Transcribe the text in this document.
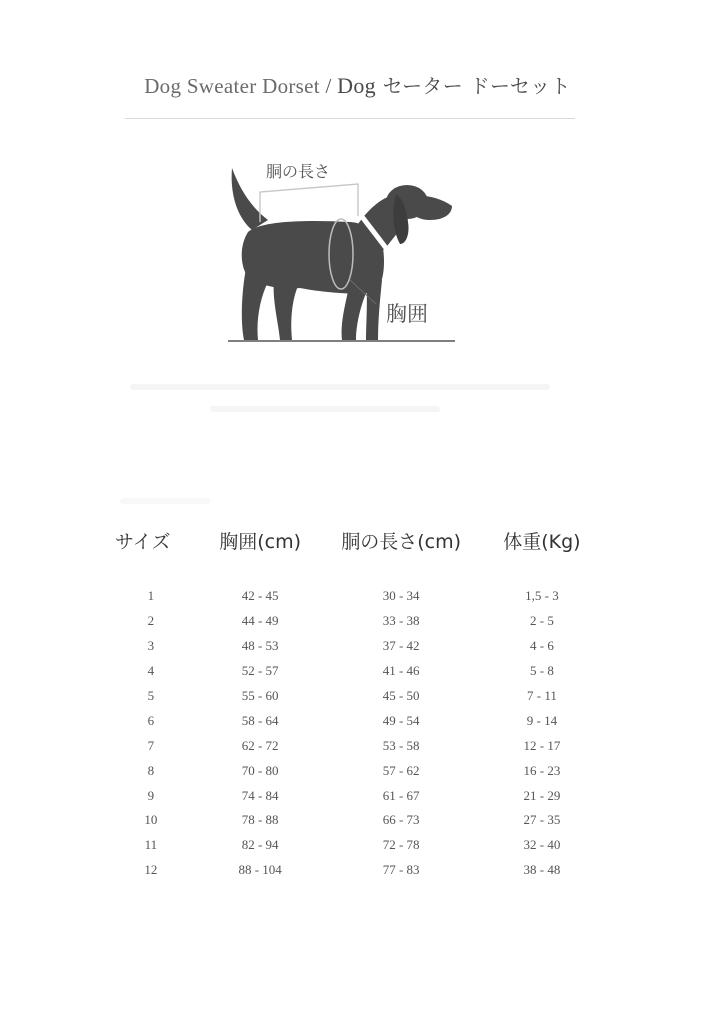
Dog Sweater Dorset / Dog セーター ドーセット
胴の長さ
胸囲
サイズ	胸囲(cm)	胴の長さ(cm)	体重(Kg)

1	42 - 45	30 - 34	1,5 - 3
2	44 - 49	33 - 38	2 - 5
3	48 - 53	37 - 42	4 - 6
4	52 - 57	41 - 46	5 - 8
5	55 - 60	45 - 50	7 - 11
6	58 - 64	49 - 54	9 - 14
7	62 - 72	53 - 58	12 - 17
8	70 - 80	57 - 62	16 - 23
9	74 - 84	61 - 67	21 - 29
10	78 - 88	66 - 73	27 - 35
11	82 - 94	72 - 78	32 - 40
12	88 - 104	77 - 83	38 - 48
